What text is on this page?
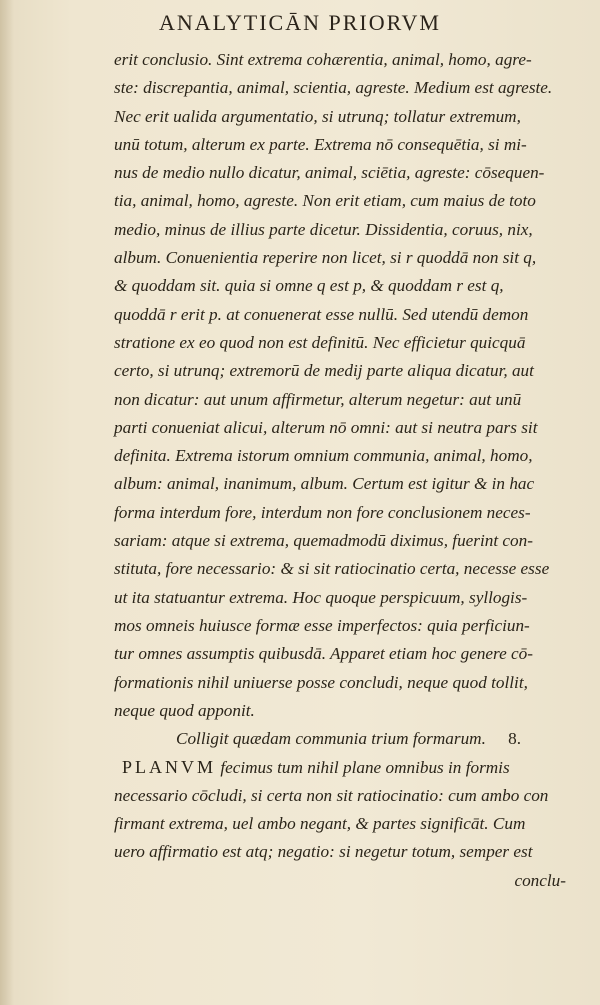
ANALYTICĀN PRIORVM
erit conclusio. Sint extrema cohærentia, animal, homo, agre-
ste: discrepantia, animal, scientia, agreste. Medium est agreste.
Nec erit ualida argumentatio, si utrunq; tollatur extremum,
unū totum, alterum ex parte. Extrema nō consequētia, si mi-
nus de medio nullo dicatur, animal, sciētia, agreste: cōsequen-
tia, animal, homo, agreste. Non erit etiam, cum maius de toto
medio, minus de illius parte dicetur. Dissidentia, coruus, nix,
album. Conuenientia reperire non licet, si r quoddā non sit q,
& quoddam sit. quia si omne q est p, & quoddam r est q,
quoddā r erit p. at conuenerat esse nullū. Sed utendū demon
stratione ex eo quod non est definitū. Nec efficietur quicquā
certo, si utrunq; extremorū de medij parte aliqua dicatur, aut
non dicatur: aut unum affirmetur, alterum negetur: aut unū
parti conueniat alicui, alterum nō omni: aut si neutra pars sit
definita. Extrema istorum omnium communia, animal, homo,
album: animal, inanimum, album. Certum est igitur & in hac
forma interdum fore, interdum non fore conclusionem neces-
sariam: atque si extrema, quemadmodū diximus, fuerint con-
stituta, fore necessario: & si sit ratiocinatio certa, necesse esse
ut ita statuantur extrema. Hoc quoque perspicuum, syllogis-
mos omneis huiusce formæ esse imperfectos: quia perficiun-
tur omnes assumptis quibusdā. Apparet etiam hoc genere cō-
formationis nihil uniuerse posse concludi, neque quod tollit,
neque quod apponit.
Colligit quædam communia trium formarum. 8.
PLANVM fecimus tum nihil plane omnibus in formis
necessario cōcludi, si certa non sit ratiocinatio: cum ambo con
firmant extrema, uel ambo negant, & partes significāt. Cum
uero affirmatio est atq; negatio: si negetur totum, semper est
conclu-
